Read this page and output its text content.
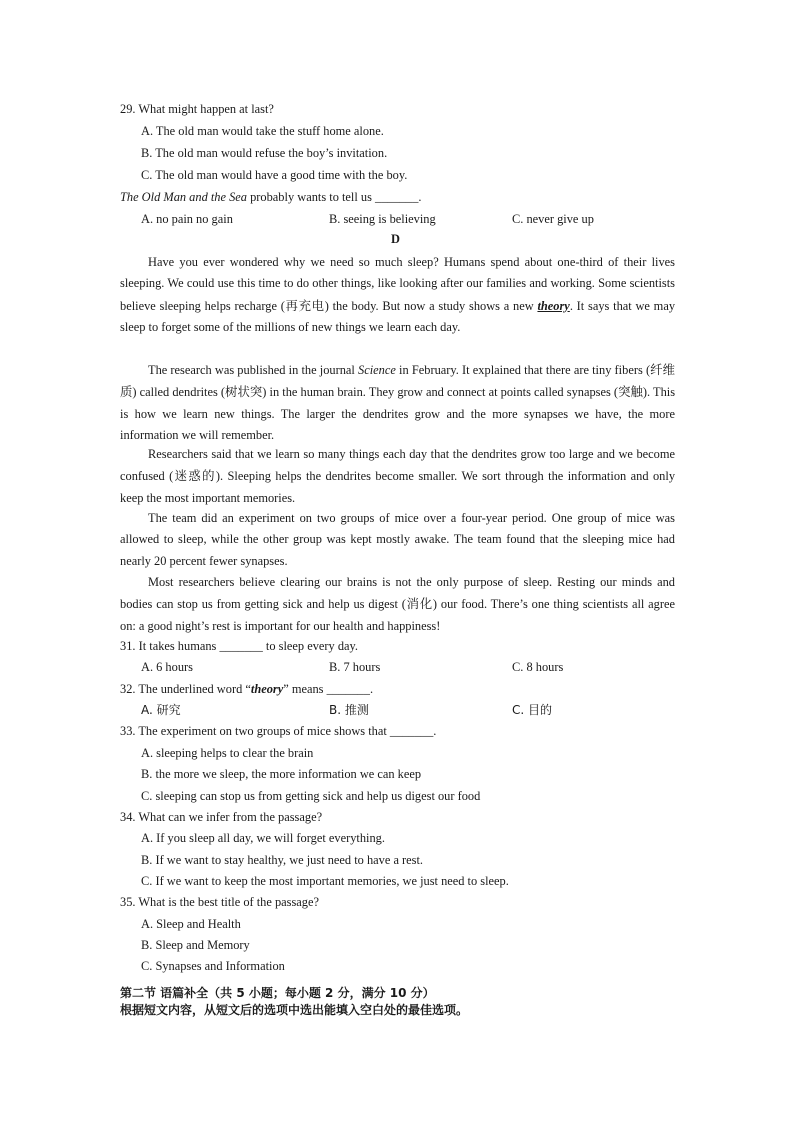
29. What might happen at last?
A. The old man would take the stuff home alone.
B. The old man would refuse the boy’s invitation.
C. The old man would have a good time with the boy.
The Old Man and the Sea probably wants to tell us _______.
A. no pain no gain	B. seeing is believing	C. never give up
D

Have you ever wondered why we need so much sleep? Humans spend about one-third of their lives sleeping. We could use this time to do other things, like looking after our families and working. Some scientists believe sleeping helps recharge (再充电) the body. But now a study shows a new theory. It says that we may sleep to forget some of the millions of new things we learn each day.

The research was published in the journal Science in February. It explained that there are tiny fibers (纤维质) called dendrites (树状突) in the human brain. They grow and connect at points called synapses (突触). This is how we learn new things. The larger the dendrites grow and the more synapses we have, the more information we will remember.

Researchers said that we learn so many things each day that the dendrites grow too large and we become confused (迷惑的). Sleeping helps the dendrites become smaller. We sort through the information and only keep the most important memories.

The team did an experiment on two groups of mice over a four-year period. One group of mice was allowed to sleep, while the other group was kept mostly awake. The team found that the sleeping mice had nearly 20 percent fewer synapses.

Most researchers believe clearing our brains is not the only purpose of sleep. Resting our minds and bodies can stop us from getting sick and help us digest (消化) our food. There’s one thing scientists all agree on: a good night’s rest is important for our health and happiness!

31. It takes humans _______ to sleep every day.
A. 6 hours	B. 7 hours	C. 8 hours
32. The underlined word “theory” means _______.
A. 研究	B. 推测	C. 目的
33. The experiment on two groups of mice shows that _______.
A. sleeping helps to clear the brain
B. the more we sleep, the more information we can keep
C. sleeping can stop us from getting sick and help us digest our food
34. What can we infer from the passage?
A. If you sleep all day, we will forget everything.
B. If we want to stay healthy, we just need to have a rest.
C. If we want to keep the most important memories, we just need to sleep.
35. What is the best title of the passage?
A. Sleep and Health
B. Sleep and Memory
C. Synapses and Information
第二节 语篇补全（共 5 小题；每小题 2 分，满分 10 分）
根据短文内容，从短文后的选项中选出能填入空白处的最佳选项。
